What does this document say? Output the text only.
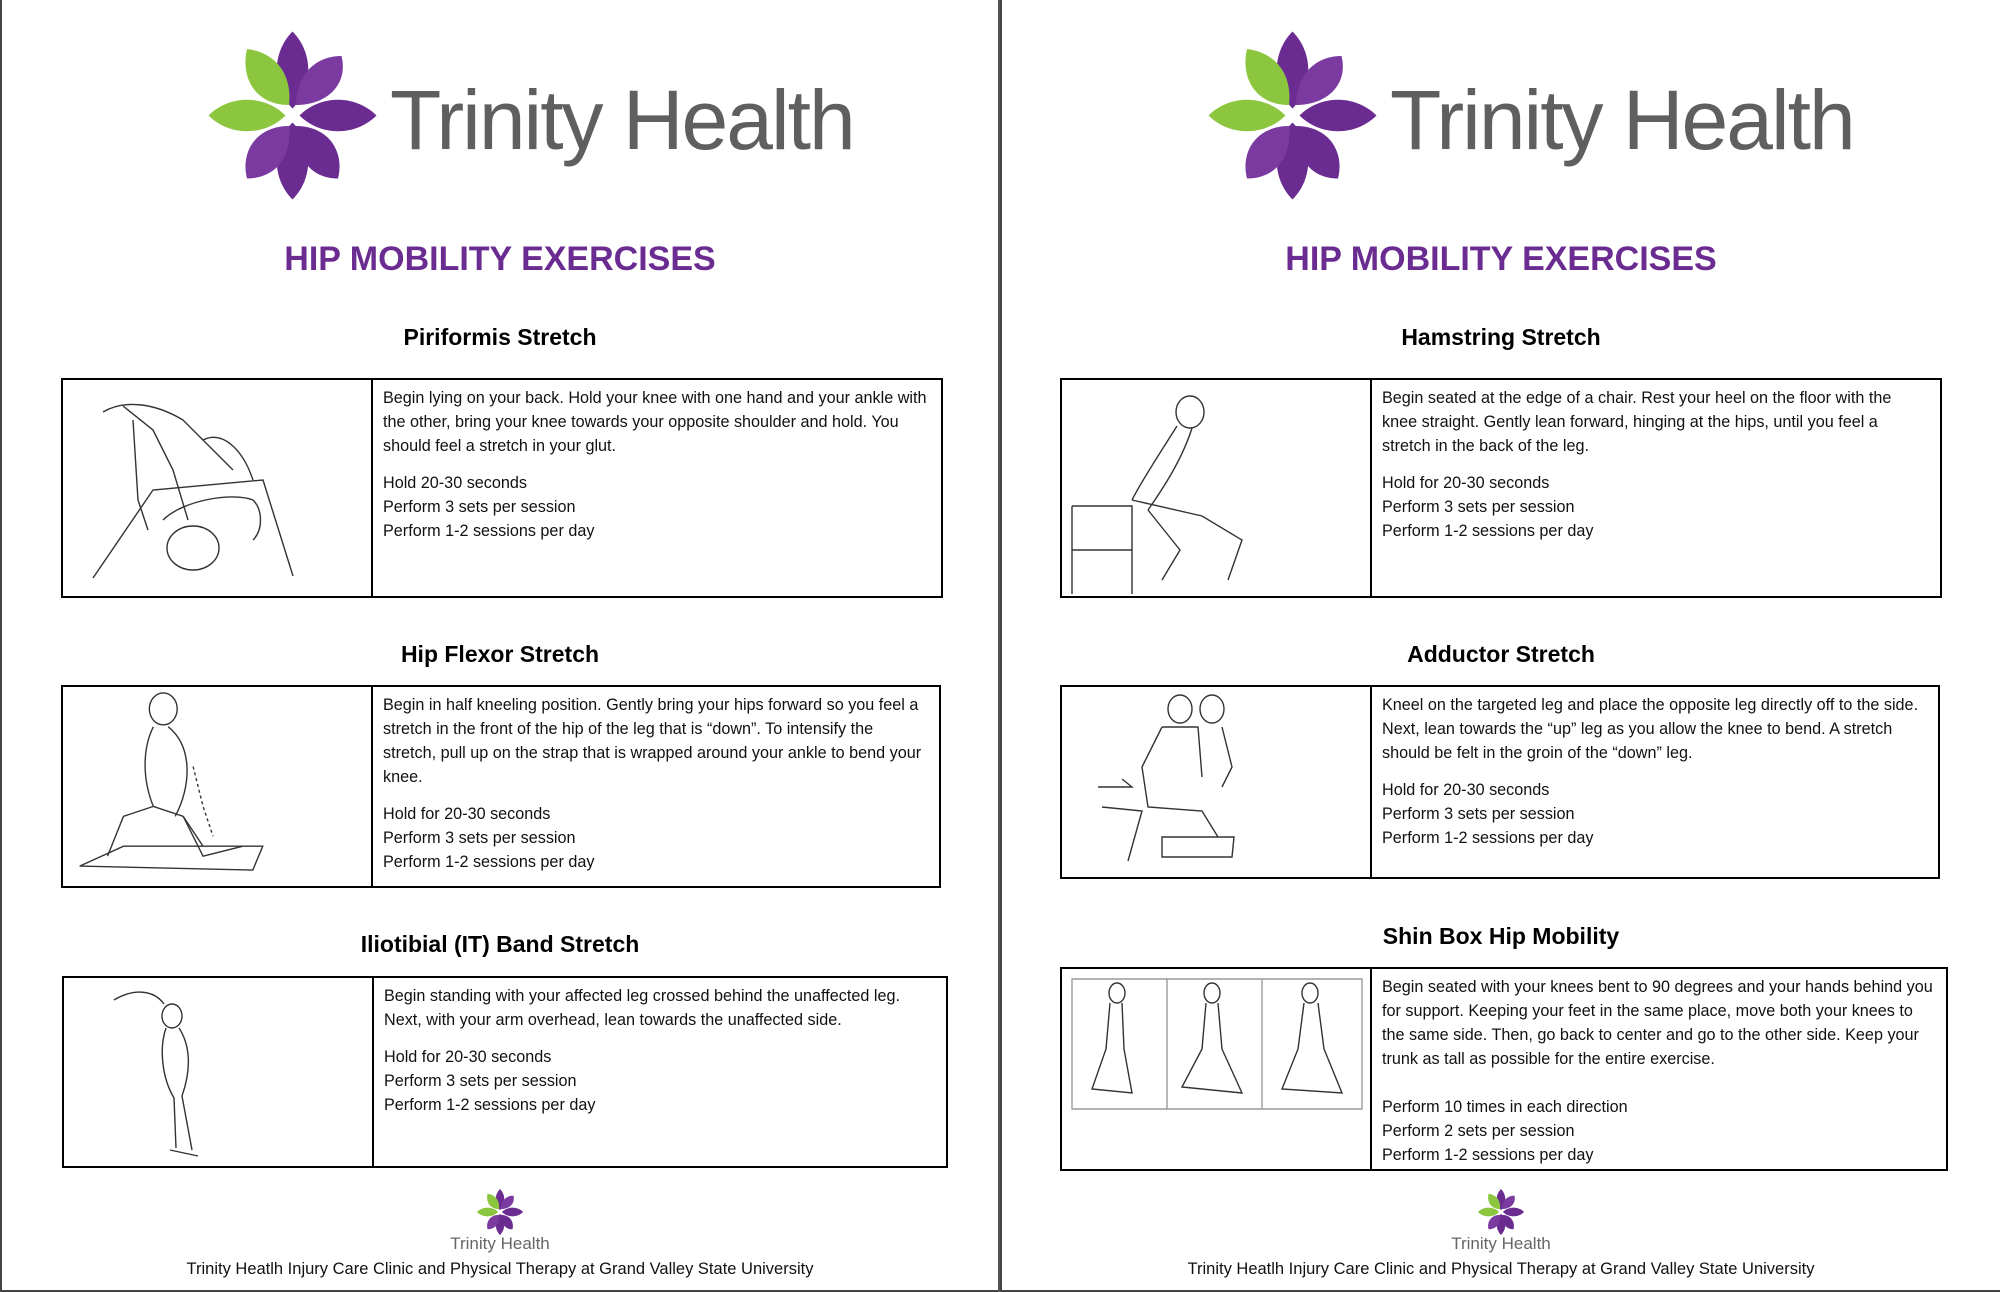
Trinity Health
HIP MOBILITY EXERCISES
Piriformis Stretch

Begin lying on your back. Hold your knee with one hand and your ankle with the other, bring your knee towards your opposite shoulder and hold. You should feel a stretch in your glut.

Hold 20-30 seconds
Perform 3 sets per session
Perform 1-2 sessions per day
Hip Flexor Stretch

Begin in half kneeling position. Gently bring your hips forward so you feel a stretch in the front of the hip of the leg that is “down”. To intensify the stretch, pull up on the strap that is wrapped around your ankle to bend your knee.

Hold for 20-30 seconds
Perform 3 sets per session
Perform 1-2 sessions per day
Iliotibial (IT) Band Stretch

Begin standing with your affected leg crossed behind the unaffected leg. Next, with your arm overhead, lean towards the unaffected side.

Hold for 20-30 seconds
Perform 3 sets per session
Perform 1-2 sessions per day
Trinity Health
Trinity Heatlh Injury Care Clinic and Physical Therapy at Grand Valley State University
Trinity Health
HIP MOBILITY EXERCISES
Hamstring Stretch

Begin seated at the edge of a chair. Rest your heel on the floor with the knee straight. Gently lean forward, hinging at the hips, until you feel a stretch in the back of the leg.

Hold for 20-30 seconds
Perform 3 sets per session
Perform 1-2 sessions per day
Adductor Stretch

Kneel on the targeted leg and place the opposite leg directly off to the side. Next, lean towards the “up” leg as you allow the knee to bend. A stretch should be felt in the groin of the “down” leg.

Hold for 20-30 seconds
Perform 3 sets per session
Perform 1-2 sessions per day
Shin Box Hip Mobility

Begin seated with your knees bent to 90 degrees and your hands behind you for support. Keeping your feet in the same place, move both your knees to the same side. Then, go back to center and go to the other side. Keep your trunk as tall as possible for the entire exercise.

Perform 10 times in each direction
Perform 2 sets per session
Perform 1-2 sessions per day
Trinity Health
Trinity Heatlh Injury Care Clinic and Physical Therapy at Grand Valley State University
